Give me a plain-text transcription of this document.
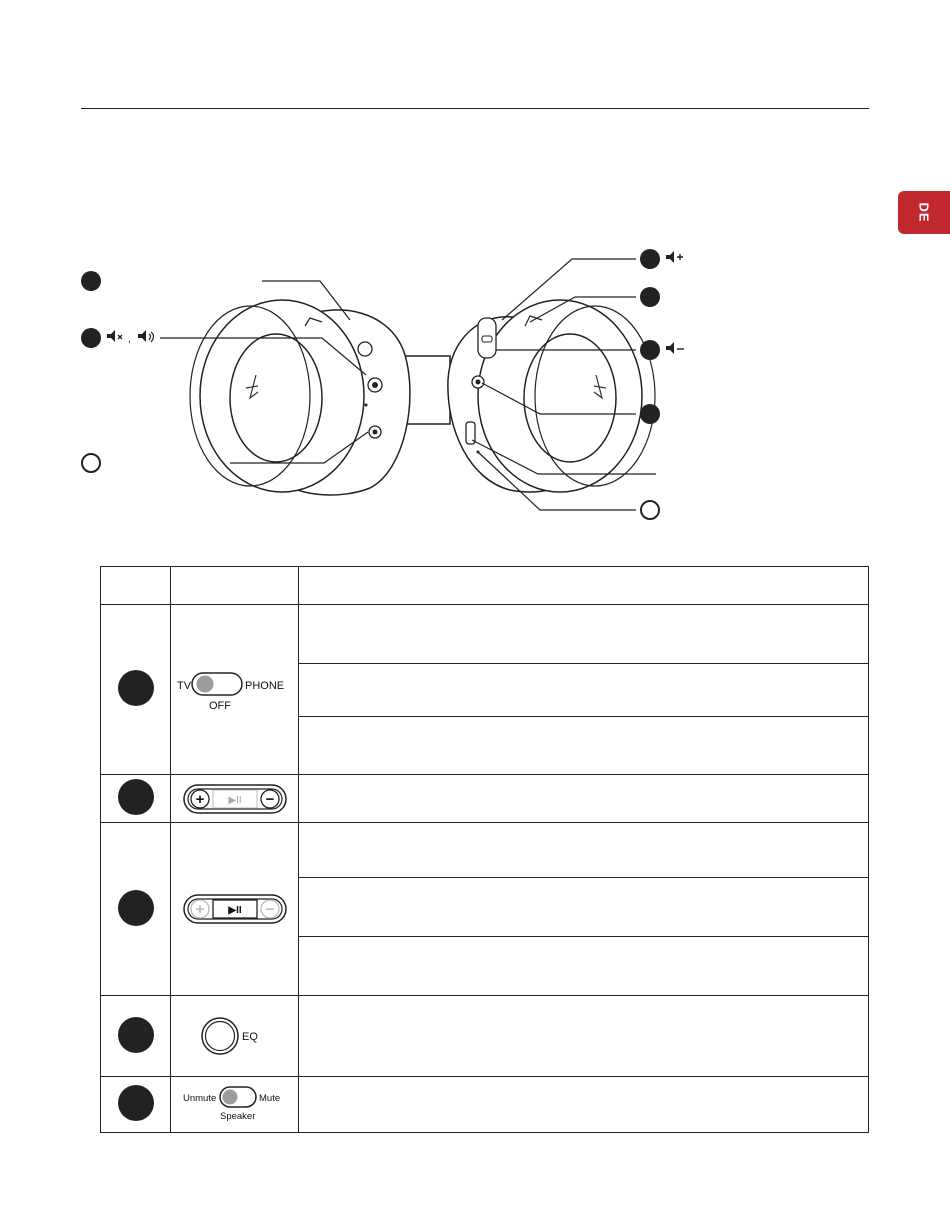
DE
,

TV PHONE
OFF	

+ ▶II −	

+ ▶II −	

EQ	

Unmute Mute
Speaker	
